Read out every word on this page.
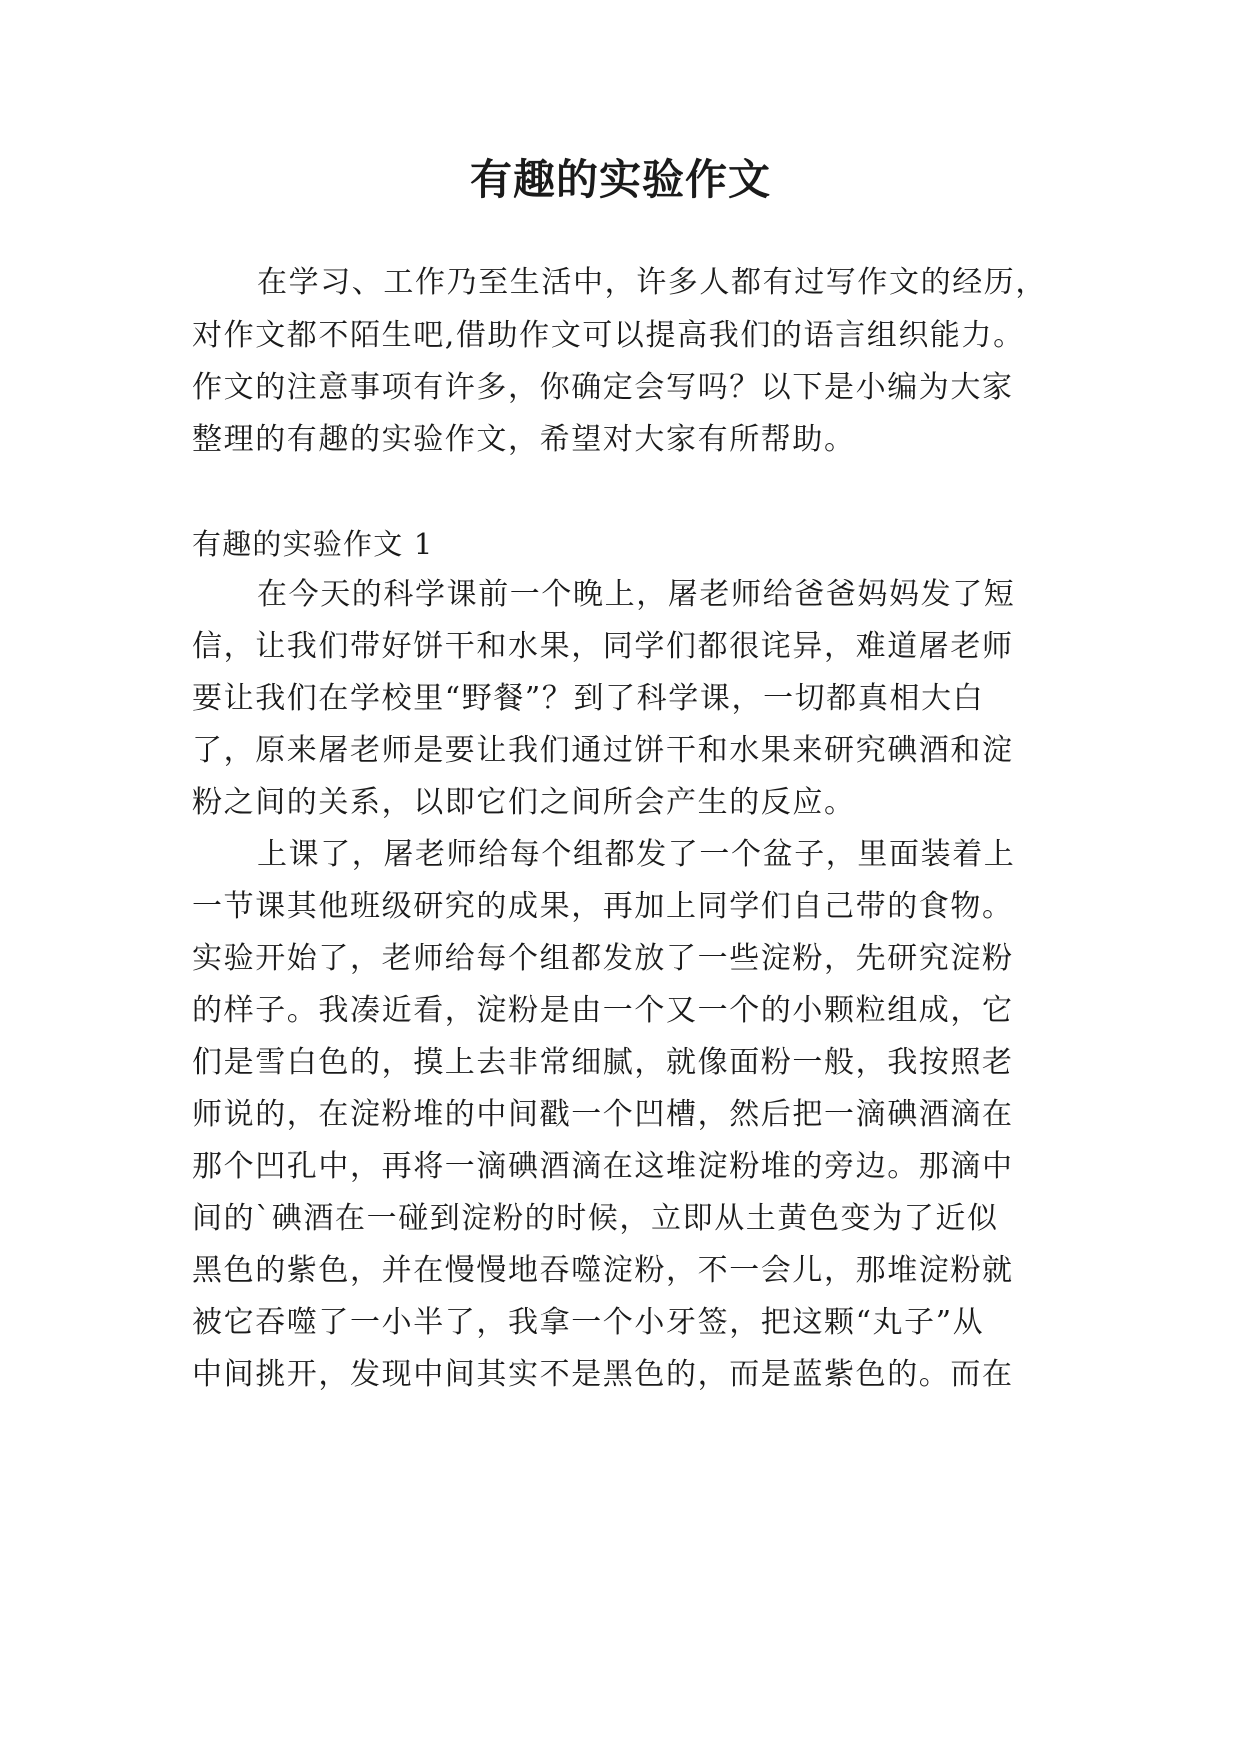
有趣的实验作文

在学习、工作乃至生活中，许多人都有过写作文的经历，

对作文都不陌生吧,借助作文可以提高我们的语言组织能力。

作文的注意事项有许多，你确定会写吗？以下是小编为大家

整理的有趣的实验作文，希望对大家有所帮助。

有趣的实验作文 1

在今天的科学课前一个晚上，屠老师给爸爸妈妈发了短

信，让我们带好饼干和水果，同学们都很诧异，难道屠老师

要让我们在学校里“野餐”？到了科学课，一切都真相大白

了，原来屠老师是要让我们通过饼干和水果来研究碘酒和淀

粉之间的关系，以即它们之间所会产生的反应。

上课了，屠老师给每个组都发了一个盆子，里面装着上

一节课其他班级研究的成果，再加上同学们自己带的食物。

实验开始了，老师给每个组都发放了一些淀粉，先研究淀粉

的样子。我凑近看，淀粉是由一个又一个的小颗粒组成，它

们是雪白色的，摸上去非常细腻，就像面粉一般，我按照老

师说的，在淀粉堆的中间戳一个凹槽，然后把一滴碘酒滴在

那个凹孔中，再将一滴碘酒滴在这堆淀粉堆的旁边。那滴中

间的`碘酒在一碰到淀粉的时候，立即从土黄色变为了近似

黑色的紫色，并在慢慢地吞噬淀粉，不一会儿，那堆淀粉就

被它吞噬了一小半了，我拿一个小牙签，把这颗“丸子”从

中间挑开，发现中间其实不是黑色的，而是蓝紫色的。而在
